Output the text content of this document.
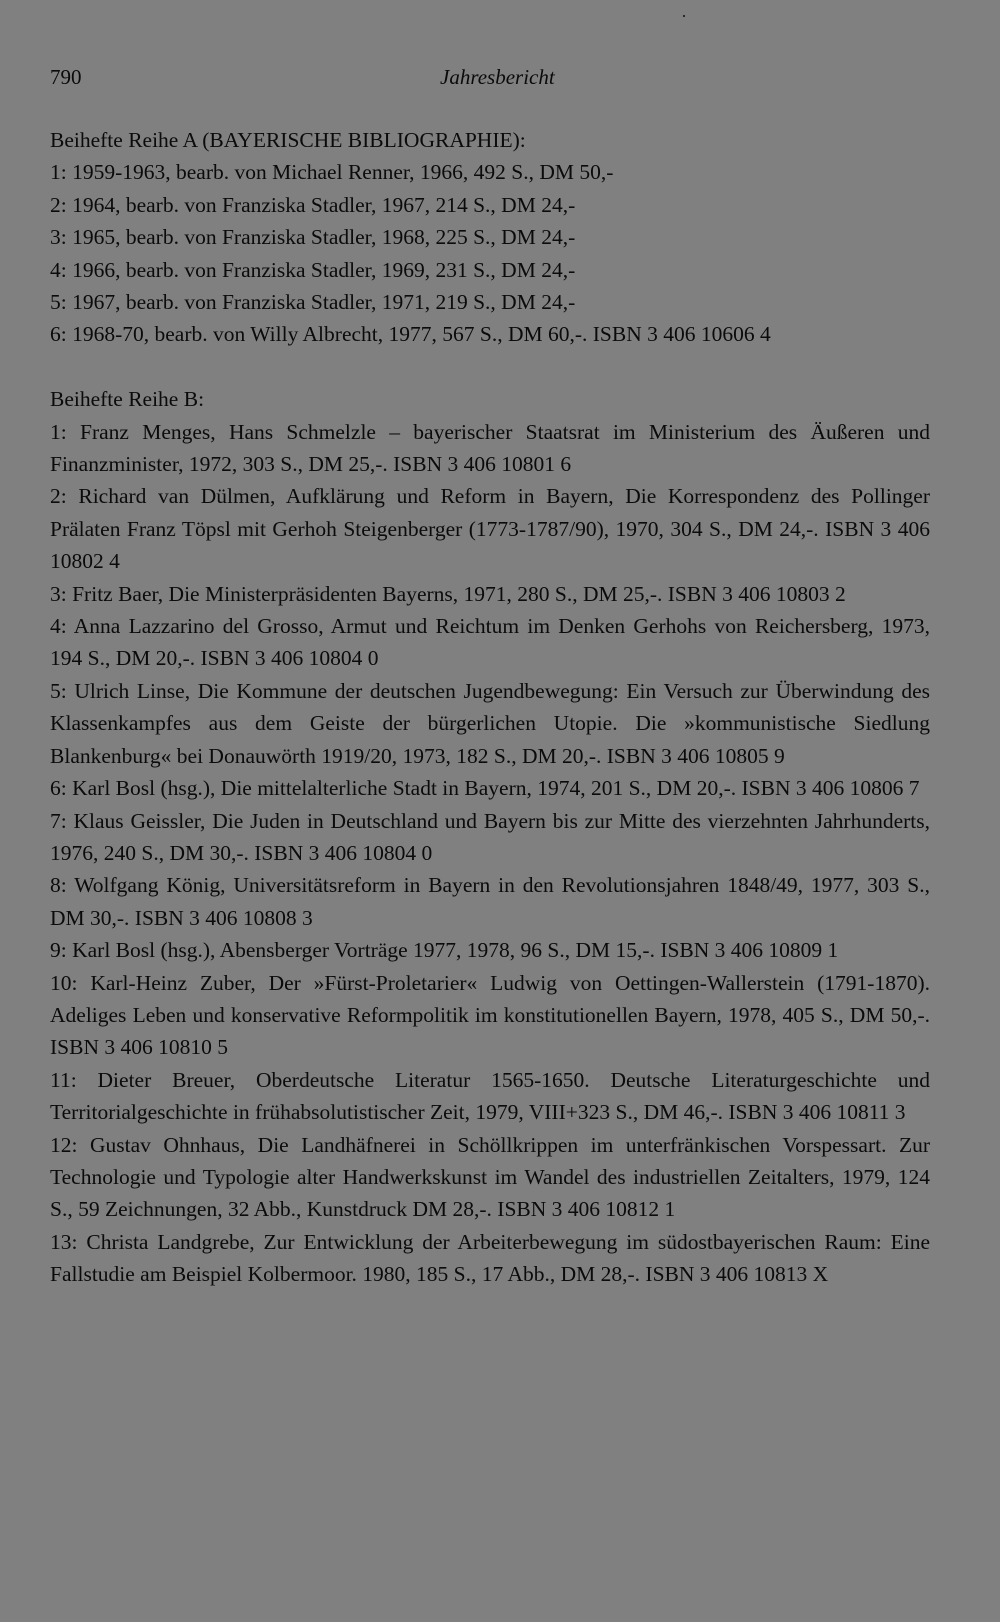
790	Jahresbericht

Beihefte Reihe A (BAYERISCHE BIBLIOGRAPHIE):

1: 1959-1963, bearb. von Michael Renner, 1966, 492 S., DM 50,-

2: 1964, bearb. von Franziska Stadler, 1967, 214 S., DM 24,-

3: 1965, bearb. von Franziska Stadler, 1968, 225 S., DM 24,-

4: 1966, bearb. von Franziska Stadler, 1969, 231 S., DM 24,-

5: 1967, bearb. von Franziska Stadler, 1971, 219 S., DM 24,-

6: 1968-70, bearb. von Willy Albrecht, 1977, 567 S., DM 60,-. ISBN 3 406 10606 4

Beihefte Reihe B:

1: Franz Menges, Hans Schmelzle – bayerischer Staatsrat im Ministerium des Äußeren und Finanzminister, 1972, 303 S., DM 25,-. ISBN 3 406 10801 6

2: Richard van Dülmen, Aufklärung und Reform in Bayern, Die Korrespondenz des Pollinger Prälaten Franz Töpsl mit Gerhoh Steigenberger (1773-1787/90), 1970, 304 S., DM 24,-. ISBN 3 406 10802 4

3: Fritz Baer, Die Ministerpräsidenten Bayerns, 1971, 280 S., DM 25,-. ISBN 3 406 10803 2

4: Anna Lazzarino del Grosso, Armut und Reichtum im Denken Gerhohs von Reichersberg, 1973, 194 S., DM 20,-. ISBN 3 406 10804 0

5: Ulrich Linse, Die Kommune der deutschen Jugendbewegung: Ein Versuch zur Überwindung des Klassenkampfes aus dem Geiste der bürgerlichen Utopie. Die »kommunistische Siedlung Blankenburg« bei Donauwörth 1919/20, 1973, 182 S., DM 20,-. ISBN 3 406 10805 9

6: Karl Bosl (hsg.), Die mittelalterliche Stadt in Bayern, 1974, 201 S., DM 20,-. ISBN 3 406 10806 7

7: Klaus Geissler, Die Juden in Deutschland und Bayern bis zur Mitte des vierzehnten Jahrhunderts, 1976, 240 S., DM 30,-. ISBN 3 406 10804 0

8: Wolfgang König, Universitätsreform in Bayern in den Revolutionsjahren 1848/49, 1977, 303 S., DM 30,-. ISBN 3 406 10808 3

9: Karl Bosl (hsg.), Abensberger Vorträge 1977, 1978, 96 S., DM 15,-. ISBN 3 406 10809 1

10: Karl-Heinz Zuber, Der »Fürst-Proletarier« Ludwig von Oettingen-Wallerstein (1791-1870). Adeliges Leben und konservative Reformpolitik im konstitutionellen Bayern, 1978, 405 S., DM 50,-. ISBN 3 406 10810 5

11: Dieter Breuer, Oberdeutsche Literatur 1565-1650. Deutsche Literaturgeschichte und Territorialgeschichte in frühabsolutistischer Zeit, 1979, VIII+323 S., DM 46,-. ISBN 3 406 10811 3

12: Gustav Ohnhaus, Die Landhäfnerei in Schöllkrippen im unterfränkischen Vorspessart. Zur Technologie und Typologie alter Handwerkskunst im Wandel des industriellen Zeitalters, 1979, 124 S., 59 Zeichnungen, 32 Abb., Kunstdruck DM 28,-. ISBN 3 406 10812 1

13: Christa Landgrebe, Zur Entwicklung der Arbeiterbewegung im südostbayerischen Raum: Eine Fallstudie am Beispiel Kolbermoor. 1980, 185 S., 17 Abb., DM 28,-. ISBN 3 406 10813 X
